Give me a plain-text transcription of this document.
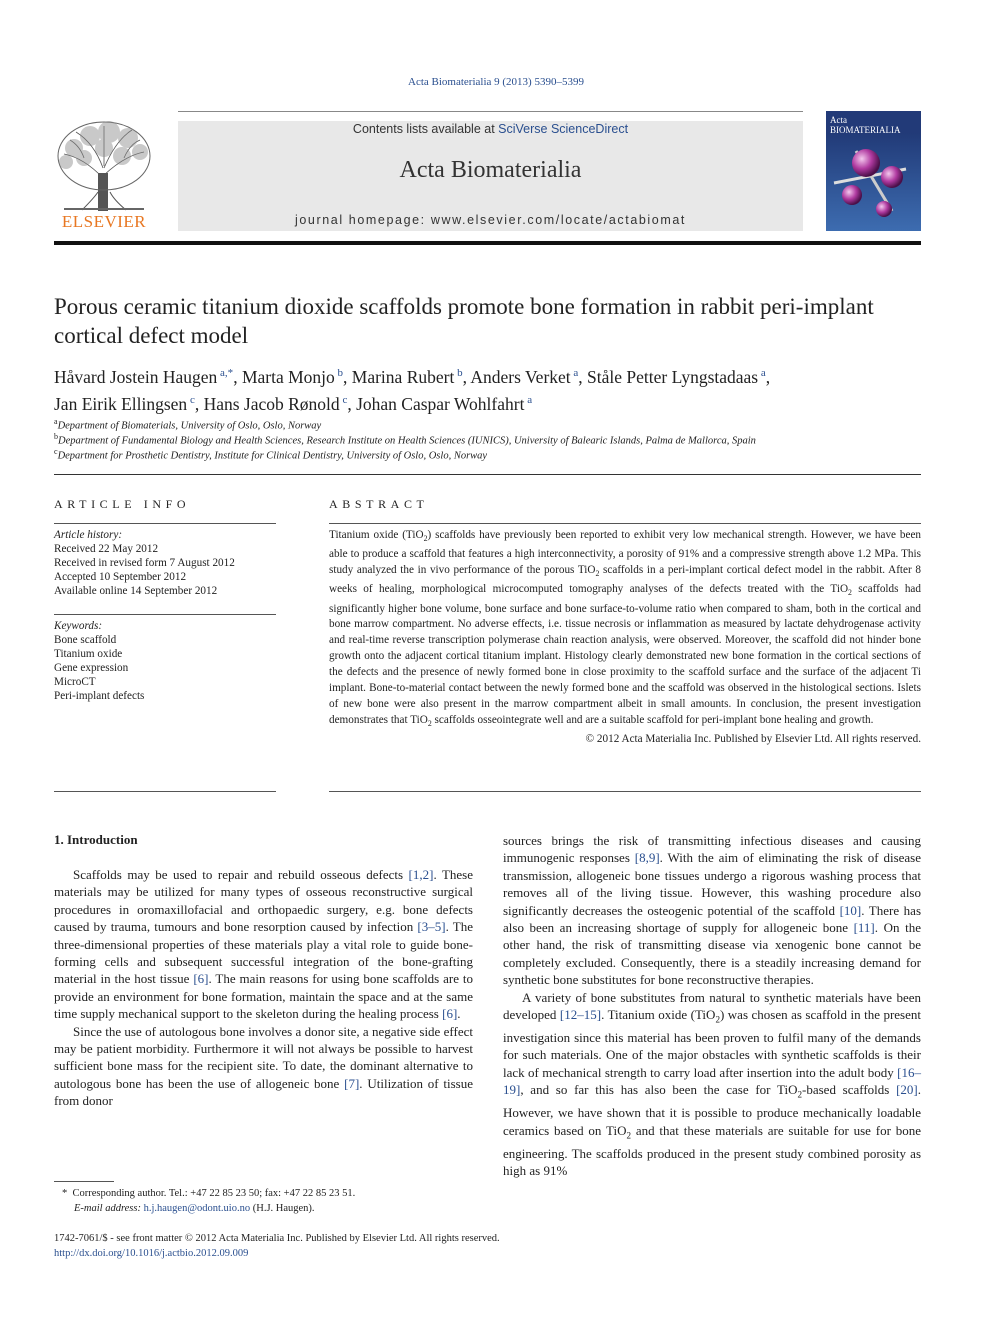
Acta Biomaterialia 9 (2013) 5390–5399
ELSEVIER
Contents lists available at SciVerse ScienceDirect
Acta Biomaterialia
journal homepage: www.elsevier.com/locate/actabiomat
Acta BIOMATERIALIA
Porous ceramic titanium dioxide scaffolds promote bone formation in rabbit peri-implant cortical defect model
Håvard Jostein Haugen $^{a,*}$, Marta Monjo $^b$, Marina Rubert $^b$, Anders Verket $^a$, Ståle Petter Lyngstadaas $^a$,
Jan Eirik Ellingsen $^c$, Hans Jacob Rønold $^c$, Johan Caspar Wohlfahrt $^a$
$^a$Department of Biomaterials, University of Oslo, Oslo, Norway
$^b$Department of Fundamental Biology and Health Sciences, Research Institute on Health Sciences (IUNICS), University of Balearic Islands, Palma de Mallorca, Spain
$^c$Department for Prosthetic Dentistry, Institute for Clinical Dentistry, University of Oslo, Oslo, Norway
ARTICLE INFO
Article history:
Received 22 May 2012
Received in revised form 7 August 2012
Accepted 10 September 2012
Available online 14 September 2012
Keywords:
Bone scaffold
Titanium oxide
Gene expression
MicroCT
Peri-implant defects
ABSTRACT

Titanium oxide (TiO$_2$) scaffolds have previously been reported to exhibit very low mechanical strength. However, we have been able to produce a scaffold that features a high interconnectivity, a porosity of 91% and a compressive strength above 1.2 MPa. This study analyzed the in vivo performance of the porous TiO$_2$ scaffolds in a peri-implant cortical defect model in the rabbit. After 8 weeks of healing, morphological microcomputed tomography analyses of the defects treated with the TiO$_2$ scaffolds had significantly higher bone volume, bone surface and bone surface-to-volume ratio when compared to sham, both in the cortical and bone marrow compartment. No adverse effects, i.e. tissue necrosis or inflammation as measured by lactate dehydrogenase activity and real-time reverse transcription polymerase chain reaction analysis, were observed. Moreover, the scaffold did not hinder bone growth onto the adjacent cortical titanium implant. Histology clearly demonstrated new bone formation in the cortical sections of the defects and the presence of newly formed bone in close proximity to the scaffold surface and the surface of the adjacent Ti implant. Bone-to-material contact between the newly formed bone and the scaffold was observed in the histological sections. Islets of new bone were also present in the marrow compartment albeit in small amounts. In conclusion, the present investigation demonstrates that TiO$_2$ scaffolds osseointegrate well and are a suitable scaffold for peri-implant bone healing and growth.

© 2012 Acta Materialia Inc. Published by Elsevier Ltd. All rights reserved.

1. Introduction

Scaffolds may be used to repair and rebuild osseous defects [1,2]. These materials may be utilized for many types of osseous reconstructive surgical procedures in oromaxillofacial and orthopaedic surgery, e.g. bone defects caused by trauma, tumours and bone resorption caused by infection [3–5]. The three-dimensional properties of these materials play a vital role to guide bone-forming cells and subsequent successful integration of the bone-grafting material in the host tissue [6]. The main reasons for using bone scaffolds are to provide an environment for bone formation, maintain the space and at the same time supply mechanical support to the skeleton during the healing process [6].

Since the use of autologous bone involves a donor site, a negative side effect may be patient morbidity. Furthermore it will not always be possible to harvest sufficient bone mass for the recipient site. To date, the dominant alternative to autologous bone has been the use of allogeneic bone [7]. Utilization of tissue from donor

sources brings the risk of transmitting infectious diseases and causing immunogenic responses [8,9]. With the aim of eliminating the risk of disease transmission, allogeneic bone tissues undergo a rigorous washing process that removes all of the living tissue. However, this washing procedure also significantly decreases the osteogenic potential of the scaffold [10]. There has also been an increasing shortage of supply for allogeneic bone [11]. On the other hand, the risk of transmitting disease via xenogenic bone cannot be completely excluded. Consequently, there is a steadily increasing demand for synthetic bone substitutes for bone reconstructive therapies.

A variety of bone substitutes from natural to synthetic materials have been developed [12–15]. Titanium oxide (TiO$_2$) was chosen as scaffold in the present investigation since this material has been proven to fulfil many of the demands for such materials. One of the major obstacles with synthetic scaffolds is their lack of mechanical strength to carry load after insertion into the adult body [16–19], and so far this has also been the case for TiO$_2$-based scaffolds [20]. However, we have shown that it is possible to produce mechanically loadable ceramics based on TiO$_2$ and that these materials are suitable for use for bone engineering. The scaffolds produced in the present study combined porosity as high as 91%

* Corresponding author. Tel.: +47 22 85 23 50; fax: +47 22 85 23 51.
E-mail address: h.j.haugen@odont.uio.no (H.J. Haugen).
1742-7061/$ - see front matter © 2012 Acta Materialia Inc. Published by Elsevier Ltd. All rights reserved.
http://dx.doi.org/10.1016/j.actbio.2012.09.009
